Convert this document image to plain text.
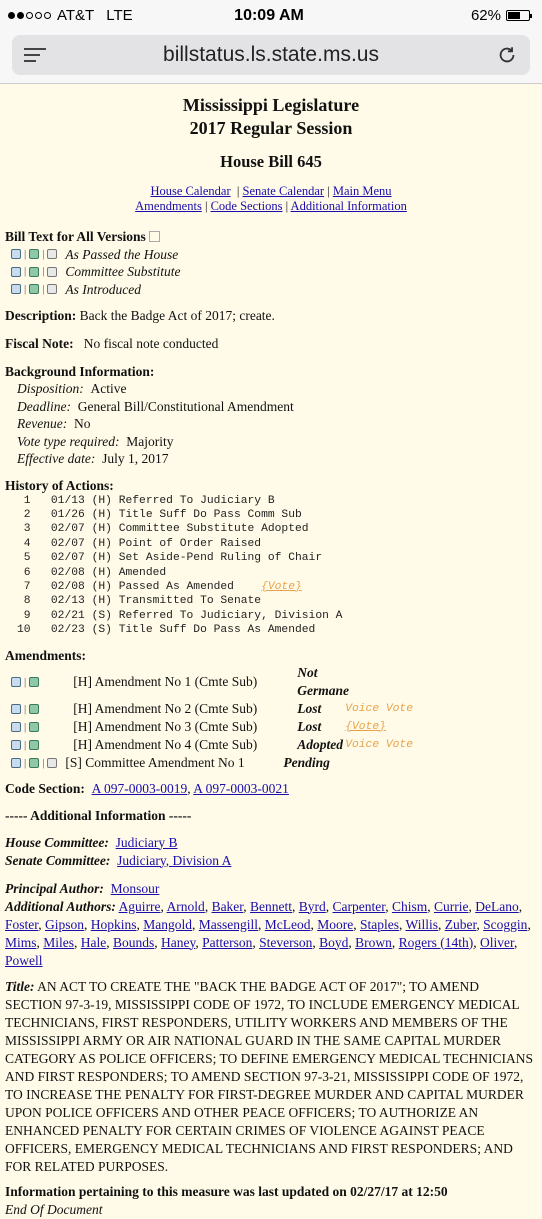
AT&T LTE	10:09 AM	62%
billstatus.ls.state.ms.us
Mississippi Legislature
2017 Regular Session
House Bill 645
House Calendar  | Senate Calendar | Main Menu
Amendments | Code Sections | Additional Information
Bill Text for All Versions
| | As Passed the House
| | Committee Substitute
| | As Introduced
Description: Back the Badge Act of 2017; create.
Fiscal Note: No fiscal note conducted
Background Information:
Disposition: Active
Deadline: General Bill/Constitutional Amendment
Revenue: No
Vote type required: Majority
Effective date: July 1, 2017
History of Actions:
1 01/13 (H) Referred To Judiciary B
2 01/26 (H) Title Suff Do Pass Comm Sub
3 02/07 (H) Committee Substitute Adopted
4 02/07 (H) Point of Order Raised
5 02/07 (H) Set Aside-Pend Ruling of Chair
6 02/08 (H) Amended
7 02/08 (H) Passed As Amended    {Vote}
8 02/13 (H) Transmitted To Senate
9 02/21 (S) Referred To Judiciary, Division A
10 02/23 (S) Title Suff Do Pass As Amended
Amendments:
|	[H] Amendment No 1 (Cmte Sub)
Not Germane
|	[H] Amendment No 2 (Cmte Sub)	Lost	Voice Vote
|	[H] Amendment No 3 (Cmte Sub)	Lost	{Vote}
|	[H] Amendment No 4 (Cmte Sub)	Adopted Voice Vote
| | [S] Committee Amendment No 1	Pending
Code Section: A 097-0003-0019, A 097-0003-0021
----- Additional Information -----
House Committee: Judiciary B
Senate Committee: Judiciary, Division A
Principal Author: Monsour
Additional Authors: Aguirre, Arnold, Baker, Bennett, Byrd, Carpenter, Chism, Currie, DeLano, Foster, Gipson, Hopkins, Mangold, Massengill, McLeod, Moore, Staples, Willis, Zuber, Scoggin, Mims, Miles, Hale, Bounds, Haney, Patterson, Steverson, Boyd, Brown, Rogers (14th), Oliver, Powell
Title: AN ACT TO CREATE THE "BACK THE BADGE ACT OF 2017"; TO AMEND SECTION 97-3-19, MISSISSIPPI CODE OF 1972, TO INCLUDE EMERGENCY MEDICAL TECHNICIANS, FIRST RESPONDERS, UTILITY WORKERS AND MEMBERS OF THE MISSISSIPPI ARMY OR AIR NATIONAL GUARD IN THE SAME CAPITAL MURDER CATEGORY AS POLICE OFFICERS; TO DEFINE EMERGENCY MEDICAL TECHNICIANS AND FIRST RESPONDERS; TO AMEND SECTION 97-3-21, MISSISSIPPI CODE OF 1972, TO INCREASE THE PENALTY FOR FIRST-DEGREE MURDER AND CAPITAL MURDER UPON POLICE OFFICERS AND OTHER PEACE OFFICERS; TO AUTHORIZE AN ENHANCED PENALTY FOR CERTAIN CRIMES OF VIOLENCE AGAINST PEACE OFFICERS, EMERGENCY MEDICAL TECHNICIANS AND FIRST RESPONDERS; AND FOR RELATED PURPOSES.
Information pertaining to this measure was last updated on 02/27/17 at 12:50
End Of Document
